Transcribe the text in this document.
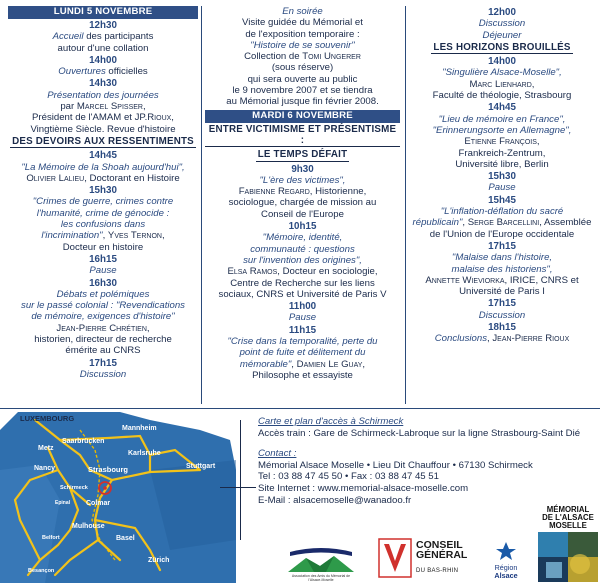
LUNDI 5 NOVEMBRE
12h30
Accueil des participants
autour d'une collation
14h00
Ouvertures officielles
14h30
Présentation des journées
par Marcel Spisser,
Président de l'AMAM et JP.Rioux,
Vingtième Siècle. Revue d'histoire
DES DEVOIRS AUX RESSENTIMENTS
14h45
"La Mémoire de la Shoah aujourd'hui",
Olivier Lalieu, Doctorant en Histoire
15h30
"Crimes de guerre, crimes contre
l'humanité, crime de génocide :
les confusions dans
l'incrimination", Yves Ternon,
Docteur en histoire
16h15
Pause
16h30
Débats et polémiques
sur le passé colonial : "Revendications
de mémoire, exigences d'histoire"
Jean-Pierre Chrétien,
historien, directeur de recherche
émérite au CNRS
17h15
Discussion
En soirée
Visite guidée du Mémorial et
de l'exposition temporaire :
"Histoire de se souvenir"
Collection de Tomi Ungerer
(sous réserve)
qui sera ouverte au public
le 9 novembre 2007 et se tiendra
au Mémorial jusque fin février 2008.
MARDI 6 NOVEMBRE
ENTRE VICTIMISME ET PRÉSENTISME :
LE TEMPS DÉFAIT
9h30
"L'ère des victimes",
Fabienne Regard, Historienne,
sociologue, chargée de mission au
Conseil de l'Europe
10h15
"Mémoire, identité,
communauté : questions
sur l'invention des origines",
Elsa Ramos, Docteur en sociologie,
Centre de Recherche sur les liens
sociaux, CNRS et Université de Paris V
11h00
Pause
11h15
"Crise dans la temporalité, perte du
point de fuite et délitement du
mémorable", Damien Le Guay,
Philosophe et essayiste
12h00
Discussion
Déjeuner
LES HORIZONS BROUILLÉS
14h00
"Singulière Alsace-Moselle",
Marc Lienhard,
Faculté de théologie, Strasbourg
14h45
"Lieu de mémoire en France",
"Erinnerungsorte en Allemagne",
Etienne François,
Frankreich-Zentrum,
Université libre, Berlin
15h30
Pause
15h45
"L'inflation-déflation du sacré
républicain", Serge Barcellini, Assemblée
de l'Union de l'Europe occidentale
17h15
"Malaise dans l'histoire,
malaise des historiens",
Annette Wieviorka, IRICE, CNRS et
Université de Paris I
17h15
Discussion
18h15
Conclusions, Jean-Pierre Rioux
LUXEMBOURG
Mannheim
Saarbrücken
Karlsruhe
Metz
Nancy	Strasbourg	Stuttgart
Schirmeck
Epinal Colmar
Mulhouse
Belfort	Basel
Zürich
Besançon
Carte et plan d'accès à Schirmeck
Accès train : Gare de Schirmeck-Labroque sur la ligne Strasbourg-Saint Dié
Contact :
Mémorial Alsace Moselle • Lieu Dit Chauffour • 67130 Schirmeck
Tel : 03 88 47 45 50 • Fax : 03 88 47 45 51
Site Internet : www.memorial-alsace-moselle.com
E-Mail : alsacemoselle@wanadoo.fr
Association des Amis du Mémorial de l'Alsace-Moselle
CONSEIL
GÉNÉRAL
DU BAS-RHIN	Région
Alsace
MÉMORIAL
DE L'ALSACE
MOSELLE
